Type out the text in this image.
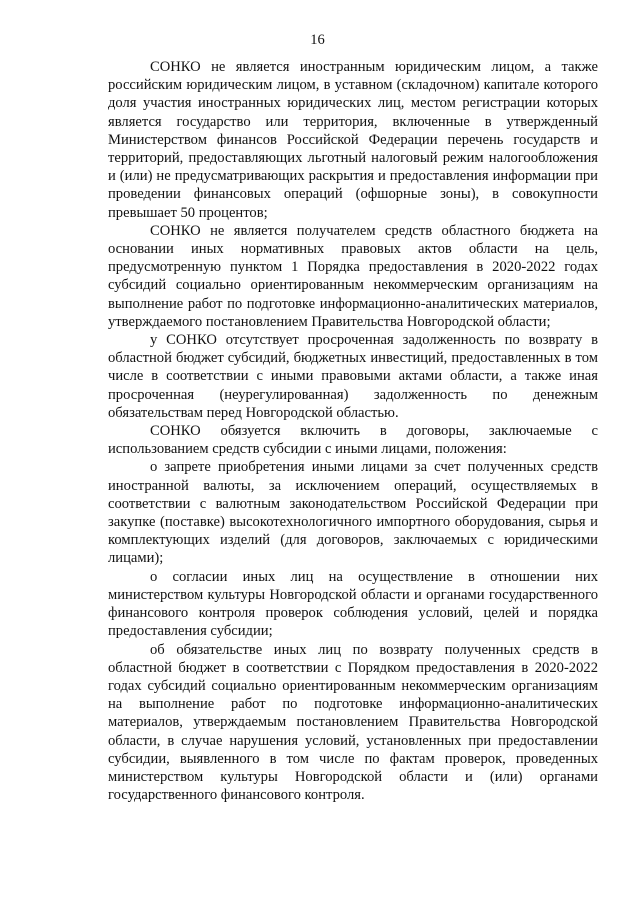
16

СОНКО не является иностранным юридическим лицом, а также российским юридическим лицом, в уставном (складочном) капитале которого доля участия иностранных юридических лиц, местом регистрации которых является государство или территория, включенные в утвержденный Министерством финансов Российской Федерации перечень государств и территорий, предоставляющих льготный налоговый режим налогообложения и (или) не предусматривающих раскрытия и предоставления информации при проведении финансовых операций (офшорные зоны), в совокупности превышает 50 процентов;

СОНКО не является получателем средств областного бюджета на основании иных нормативных правовых актов области на цель, предусмотренную пунктом 1 Порядка предоставления в 2020-2022 годах субсидий социально ориентированным некоммерческим организациям на выполнение работ по подготовке информационно-аналитических материалов, утверждаемого постановлением Правительства Новгородской области;

у СОНКО отсутствует просроченная задолженность по возврату в областной бюджет субсидий, бюджетных инвестиций, предоставленных в том числе в соответствии с иными правовыми актами области, а также иная просроченная (неурегулированная) задолженность по денежным обязательствам перед Новгородской областью.

СОНКО обязуется включить в договоры, заключаемые с использованием средств субсидии с иными лицами, положения:

о запрете приобретения иными лицами за счет полученных средств иностранной валюты, за исключением операций, осуществляемых в соответствии с валютным законодательством Российской Федерации при закупке (поставке) высокотехнологичного импортного оборудования, сырья и комплектующих изделий (для договоров, заключаемых с юридическими лицами);

о согласии иных лиц на осуществление в отношении них министерством культуры Новгородской области и органами государственного финансового контроля проверок соблюдения условий, целей и порядка предоставления субсидии;

об обязательстве иных лиц по возврату полученных средств в областной бюджет в соответствии с Порядком предоставления в 2020-2022 годах субсидий социально ориентированным некоммерческим организациям на выполнение работ по подготовке информационно-аналитических материалов, утверждаемым постановлением Правительства Новгородской области, в случае нарушения условий, установленных при предоставлении субсидии, выявленного в том числе по фактам проверок, проведенных министерством культуры Новгородской области и (или) органами государственного финансового контроля.
